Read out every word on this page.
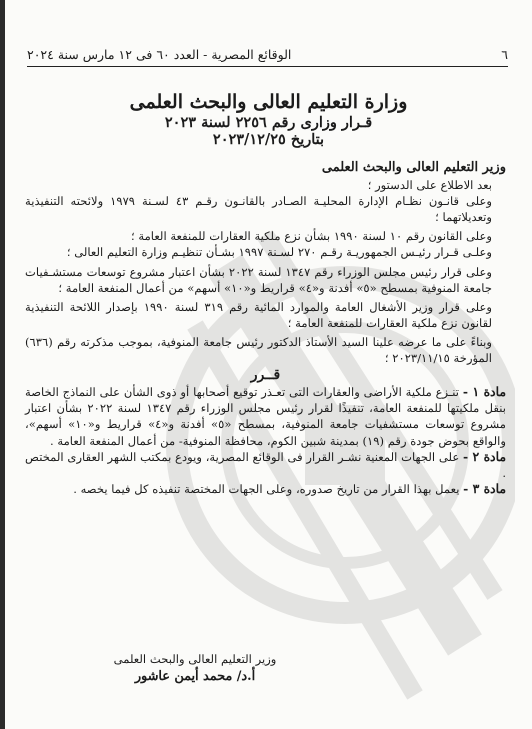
٦
الوقائع المصرية - العدد ٦٠ فى ١٢ مارس سنة ٢٠٢٤
وزارة التعليم العالى والبحث العلمى
قـرار وزارى رقم ٢٢٥٦ لسنة ٢٠٢٣
بتاريخ ٢٠٢٣/١٢/٢٥

وزير التعليم العالى والبحث العلمى

بعد الاطلاع على الدستور ؛

وعلى قانـون نظـام الإدارة المحليـة الصـادر بالقانـون رقـم ٤٣ لسـنة ١٩٧٩ ولائحته التنفيذية وتعديلاتهما ؛

وعلى القانون رقم ١٠ لسنة ١٩٩٠ بشأن نزع ملكية العقارات للمنفعة العامة ؛

وعلـى قـرار رئيـس الجمهوريـة رقـم ٢٧٠ لسـنة ١٩٩٧ بشـأن تنظيـم وزارة التعليم العالى ؛

وعلى قرار رئيس مجلس الوزراء رقم ١٣٤٧ لسنة ٢٠٢٢ بشأن اعتبار مشروع توسعات مستشـفيات جامعة المنوفية بمسطح «٥» أفدنة و«٤» قراريط و«١٠» أسهم» من أعمال المنفعة العامة ؛

وعلى قرار وزير الأشغال العامة والموارد المائية رقم ٣١٩ لسنة ١٩٩٠ بإصدار اللائحة التنفيذية لقانون نزع ملكية العقارات للمنفعة العامة ؛

وبناءً على ما عرضه علينا السيد الأستاذ الدكتور رئيس جامعة المنوفية، بموجب مذكرته رقم (٦٣٦) المؤرخة ٢٠٢٣/١١/١٥ ؛

قــرر

مادة ١ - تنـزع ملكية الأراضى والعقارات التى تعـذر توقيع أصحابها أو ذوى الشأن على النماذج الخاصة بنقل ملكيتها للمنفعة العامة، تنفيذًا لقرار رئيس مجلس الوزراء رقم ١٣٤٧ لسنة ٢٠٢٢ بشأن اعتبار مشروع توسعات مستشفيات جامعة المنوفية، بمسطح «٥» أفدنة و«٤» قراريط و«١٠» أسهم»، والواقع بحوض جودة رقم (١٩) بمدينة شبين الكوم، محافظة المنوفية- من أعمال المنفعة العامة .

مادة ٢ - على الجهات المعنية نشـر القرار فى الوقائع المصرية، ويودع بمكتب الشهر العقارى المختص .

مادة ٣ - يعمل بهذا القرار من تاريخ صدوره، وعلى الجهات المختصة تنفيذه كل فيما يخصه .

وزير التعليم العالى والبحث العلمى
أ.د/ محمد أيمن عاشور
